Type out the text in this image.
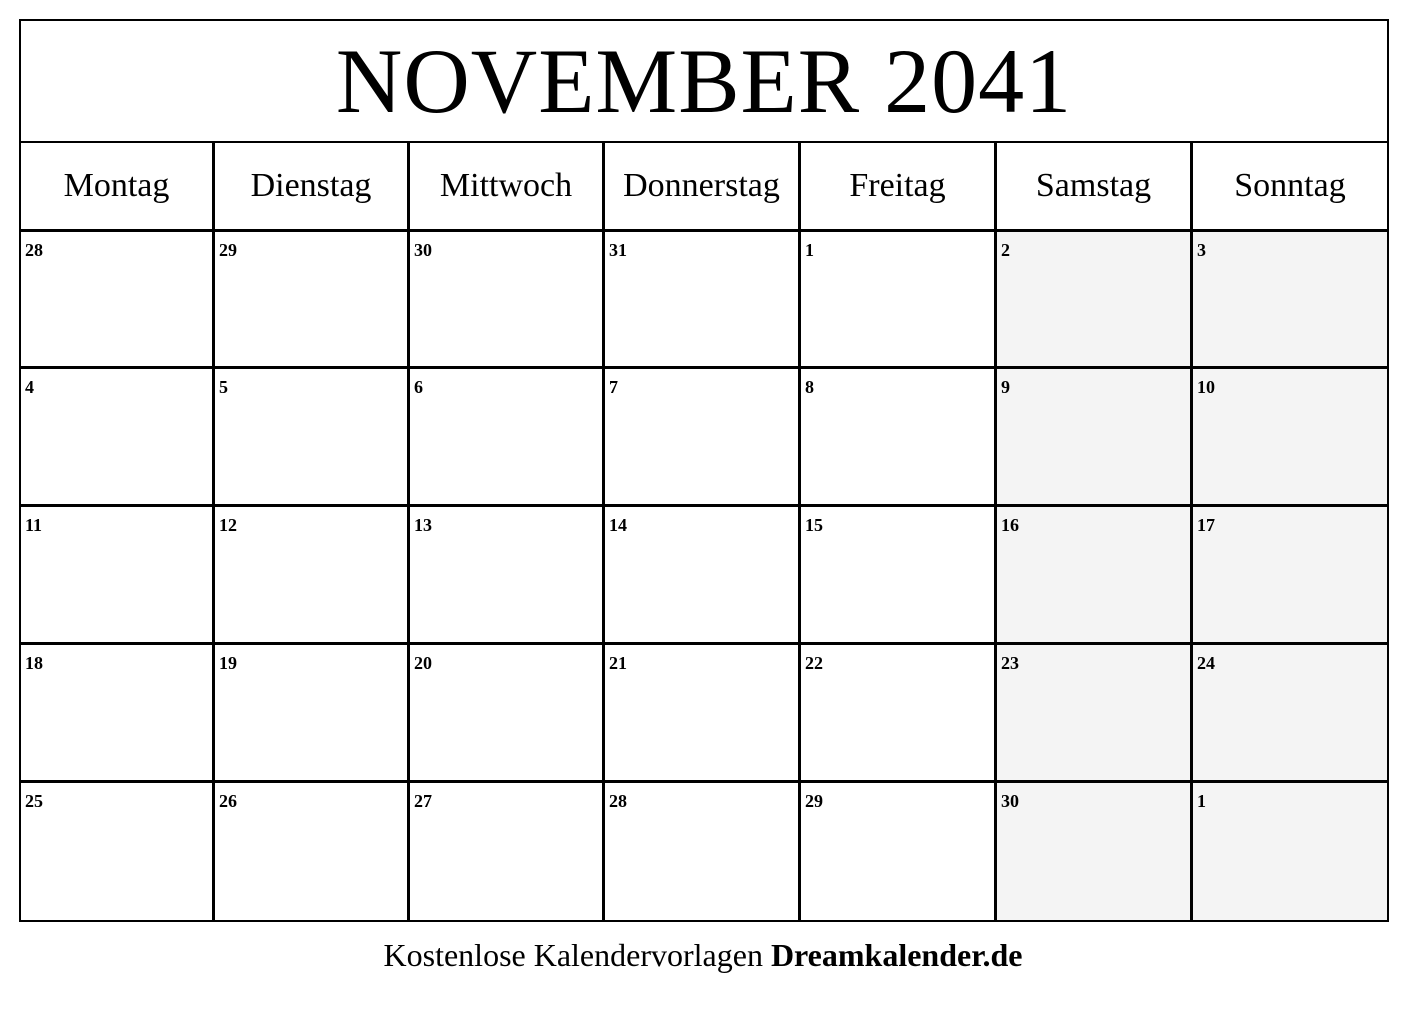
NOVEMBER 2041
Montag	Dienstag	Mittwoch	Donnerstag	Freitag	Samstag	Sonntag
28	29	30	31	1	2	3
4	5	6	7	8	9	10
11	12	13	14	15	16	17
18	19	20	21	22	23	24
25	26	27	28	29	30	1
Kostenlose Kalendervorlagen Dreamkalender.de
